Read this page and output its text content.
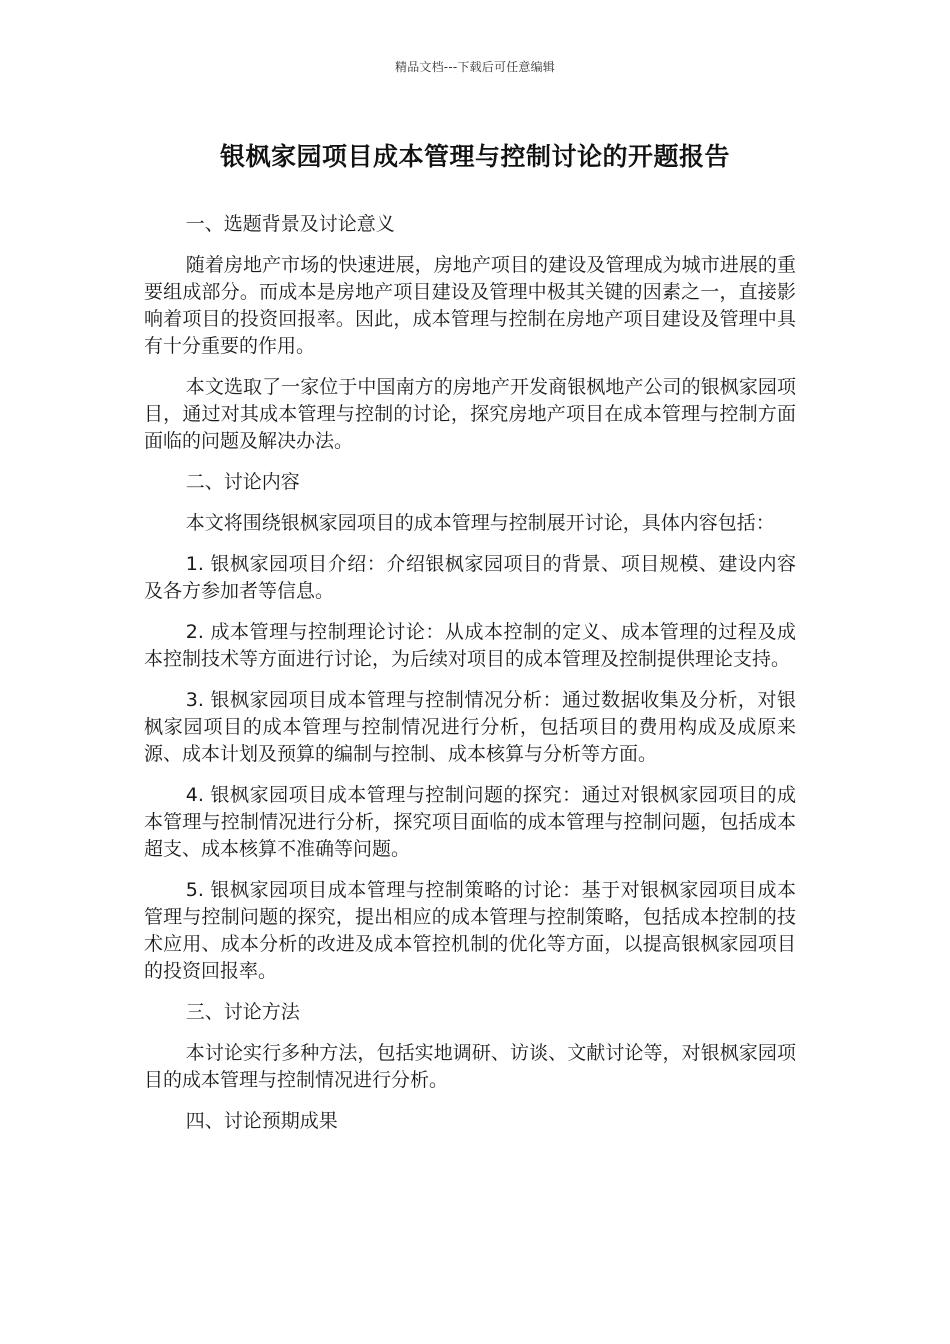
精品文档---下载后可任意编辑
银枫家园项目成本管理与控制讨论的开题报告

一、选题背景及讨论意义

随着房地产市场的快速进展，房地产项目的建设及管理成为城市进展的重要组成部分。而成本是房地产项目建设及管理中极其关键的因素之一，直接影响着项目的投资回报率。因此，成本管理与控制在房地产项目建设及管理中具有十分重要的作用。

本文选取了一家位于中国南方的房地产开发商银枫地产公司的银枫家园项目，通过对其成本管理与控制的讨论，探究房地产项目在成本管理与控制方面面临的问题及解决办法。

二、讨论内容

本文将围绕银枫家园项目的成本管理与控制展开讨论，具体内容包括：

1. 银枫家园项目介绍：介绍银枫家园项目的背景、项目规模、建设内容及各方参加者等信息。

2. 成本管理与控制理论讨论：从成本控制的定义、成本管理的过程及成本控制技术等方面进行讨论，为后续对项目的成本管理及控制提供理论支持。

3. 银枫家园项目成本管理与控制情况分析：通过数据收集及分析，对银枫家园项目的成本管理与控制情况进行分析，包括项目的费用构成及成原来源、成本计划及预算的编制与控制、成本核算与分析等方面。

4. 银枫家园项目成本管理与控制问题的探究：通过对银枫家园项目的成本管理与控制情况进行分析，探究项目面临的成本管理与控制问题，包括成本超支、成本核算不准确等问题。

5. 银枫家园项目成本管理与控制策略的讨论：基于对银枫家园项目成本管理与控制问题的探究，提出相应的成本管理与控制策略，包括成本控制的技术应用、成本分析的改进及成本管控机制的优化等方面，以提高银枫家园项目的投资回报率。

三、讨论方法

本讨论实行多种方法，包括实地调研、访谈、文献讨论等，对银枫家园项目的成本管理与控制情况进行分析。

四、讨论预期成果
